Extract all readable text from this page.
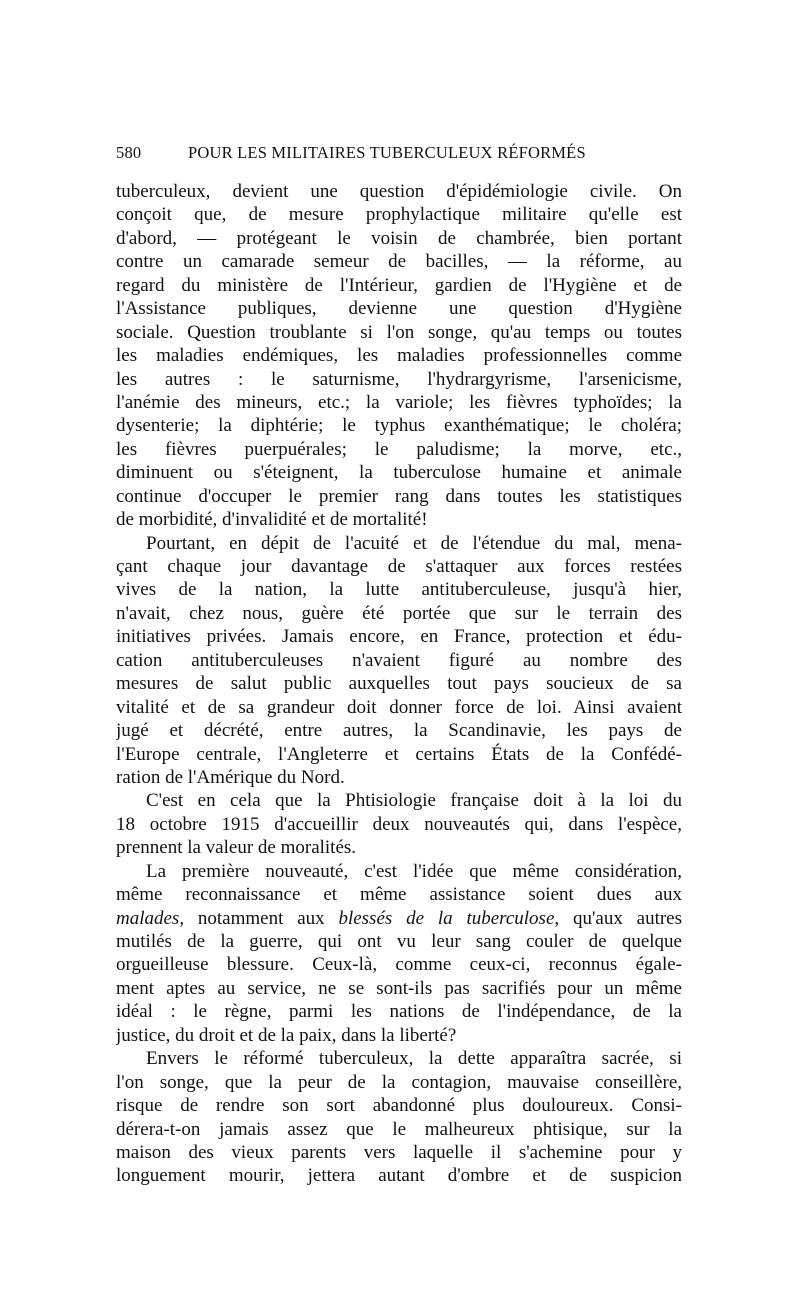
580	POUR LES MILITAIRES TUBERCULEUX RÉFORMÉS
tuberculeux, devient une question d'épidémiologie civile. On
conçoit que, de mesure prophylactique militaire qu'elle est
d'abord, — protégeant le voisin de chambrée, bien portant
contre un camarade semeur de bacilles, — la réforme, au
regard du ministère de l'Intérieur, gardien de l'Hygiène et de
l'Assistance publiques, devienne une question d'Hygiène
sociale. Question troublante si l'on songe, qu'au temps ou toutes
les maladies endémiques, les maladies professionnelles comme
les autres : le saturnisme, l'hydrargyrisme, l'arsenicisme,
l'anémie des mineurs, etc.; la variole; les fièvres typhoïdes; la
dysenterie; la diphtérie; le typhus exanthématique; le choléra;
les fièvres puerpuérales; le paludisme; la morve, etc.,
diminuent ou s'éteignent, la tuberculose humaine et animale
continue d'occuper le premier rang dans toutes les statistiques
de morbidité, d'invalidité et de mortalité!
Pourtant, en dépit de l'acuité et de l'étendue du mal, mena-
çant chaque jour davantage de s'attaquer aux forces restées
vives de la nation, la lutte antituberculeuse, jusqu'à hier,
n'avait, chez nous, guère été portée que sur le terrain des
initiatives privées. Jamais encore, en France, protection et édu-
cation antituberculeuses n'avaient figuré au nombre des
mesures de salut public auxquelles tout pays soucieux de sa
vitalité et de sa grandeur doit donner force de loi. Ainsi avaient
jugé et décrété, entre autres, la Scandinavie, les pays de
l'Europe centrale, l'Angleterre et certains États de la Confédé-
ration de l'Amérique du Nord.
C'est en cela que la Phtisiologie française doit à la loi du
18 octobre 1915 d'accueillir deux nouveautés qui, dans l'espèce,
prennent la valeur de moralités.
La première nouveauté, c'est l'idée que même considération,
même reconnaissance et même assistance soient dues aux
malades, notamment aux blessés de la tuberculose, qu'aux autres
mutilés de la guerre, qui ont vu leur sang couler de quelque
orgueilleuse blessure. Ceux-là, comme ceux-ci, reconnus égale-
ment aptes au service, ne se sont-ils pas sacrifiés pour un même
idéal : le règne, parmi les nations de l'indépendance, de la
justice, du droit et de la paix, dans la liberté?
Envers le réformé tuberculeux, la dette apparaîtra sacrée, si
l'on songe, que la peur de la contagion, mauvaise conseillère,
risque de rendre son sort abandonné plus douloureux. Consi-
dérera-t-on jamais assez que le malheureux phtisique, sur la
maison des vieux parents vers laquelle il s'achemine pour y
longuement mourir, jettera autant d'ombre et de suspicion
